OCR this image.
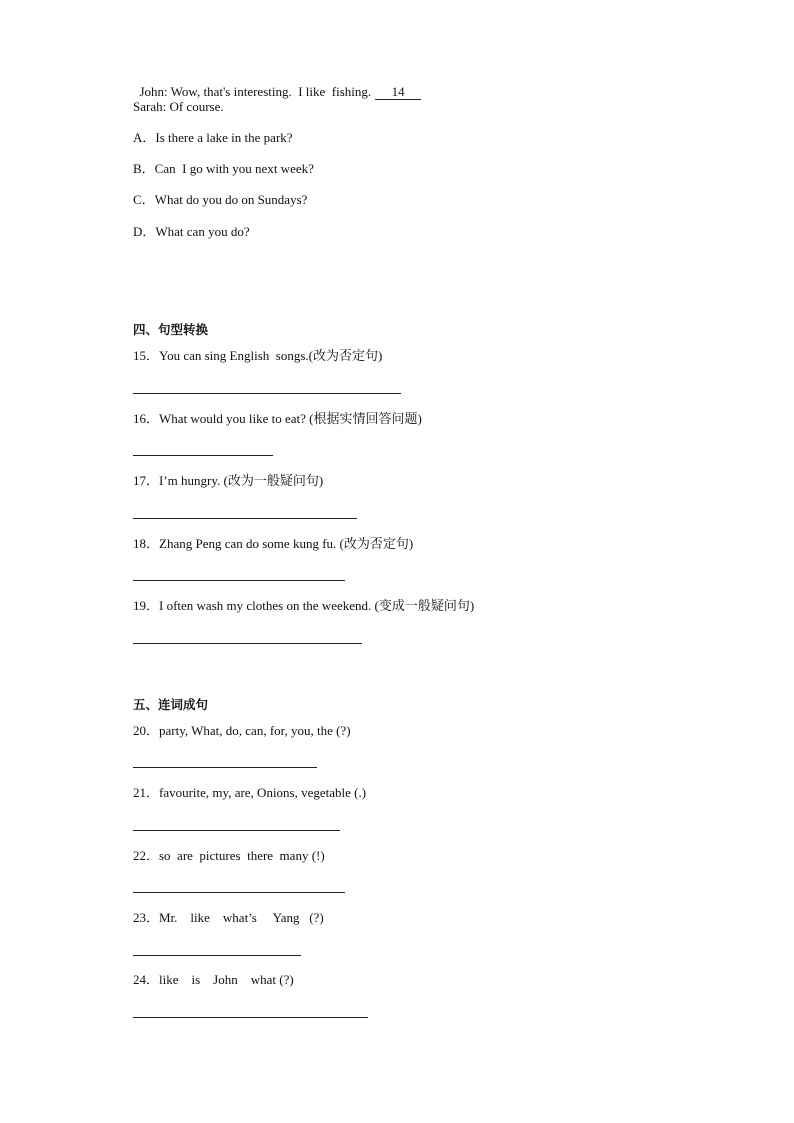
John: Wow, that's interesting.  I like  fishing. 14

Sarah: Of course.
A．Is there a lake in the park?
B．Can  I go with you next week?
C．What do you do on Sundays?
D．What can you do?
四、句型转换
15．You can sing English  songs.(改为否定句)
16．What would you like to eat? (根据实情回答问题)
17．I’m hungry. (改为一般疑问句)
18．Zhang Peng can do some kung fu. (改为否定句)
19．I often wash my clothes on the weekend. (变成一般疑问句)
五、连词成句
20．party, What, do, can, for, you, the (?)
21．favourite, my, are, Onions, vegetable (.)
22．so  are  pictures  there  many (!)
23．Mr.    like    what’s     Yang   (?)
24．like    is    John    what (?)
